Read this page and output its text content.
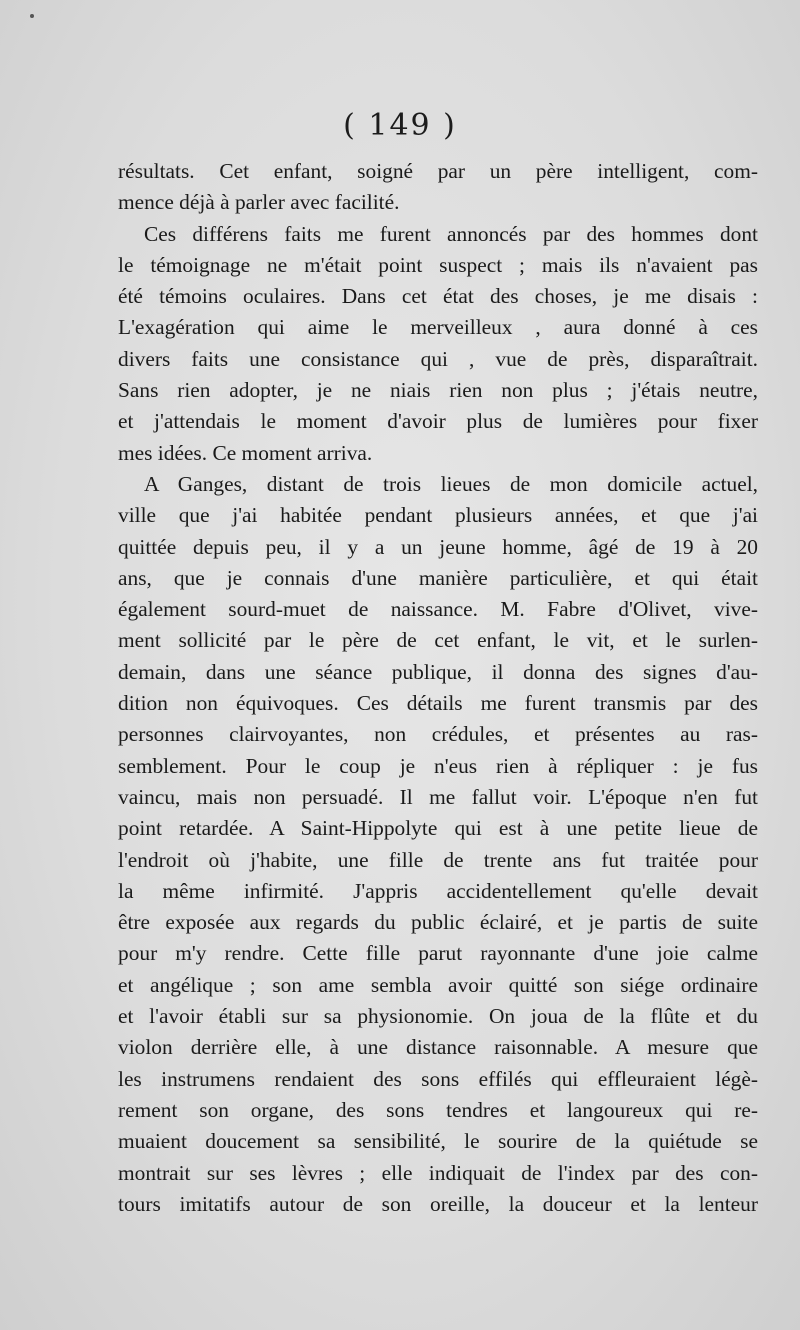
( 149 )
résultats. Cet enfant, soigné par un père intelligent, com-
mence déjà à parler avec facilité.
Ces différens faits me furent annoncés par des hommes dont
le témoignage ne m'était point suspect ; mais ils n'avaient pas
été témoins oculaires. Dans cet état des choses, je me disais :
L'exagération qui aime le merveilleux , aura donné à ces
divers faits une consistance qui , vue de près, disparaîtrait.
Sans rien adopter, je ne niais rien non plus ; j'étais neutre,
et j'attendais le moment d'avoir plus de lumières pour fixer
mes idées. Ce moment arriva.
A Ganges, distant de trois lieues de mon domicile actuel,
ville que j'ai habitée pendant plusieurs années, et que j'ai
quittée depuis peu, il y a un jeune homme, âgé de 19 à 20
ans, que je connais d'une manière particulière, et qui était
également sourd-muet de naissance. M. Fabre d'Olivet, vive-
ment sollicité par le père de cet enfant, le vit, et le surlen-
demain, dans une séance publique, il donna des signes d'au-
dition non équivoques. Ces détails me furent transmis par des
personnes clairvoyantes, non crédules, et présentes au ras-
semblement. Pour le coup je n'eus rien à répliquer : je fus
vaincu, mais non persuadé. Il me fallut voir. L'époque n'en fut
point retardée. A Saint-Hippolyte qui est à une petite lieue de
l'endroit où j'habite, une fille de trente ans fut traitée pour
la même infirmité. J'appris accidentellement qu'elle devait
être exposée aux regards du public éclairé, et je partis de suite
pour m'y rendre. Cette fille parut rayonnante d'une joie calme
et angélique ; son ame sembla avoir quitté son siége ordinaire
et l'avoir établi sur sa physionomie. On joua de la flûte et du
violon derrière elle, à une distance raisonnable. A mesure que
les instrumens rendaient des sons effilés qui effleuraient légè-
rement son organe, des sons tendres et langoureux qui re-
muaient doucement sa sensibilité, le sourire de la quiétude se
montrait sur ses lèvres ; elle indiquait de l'index par des con-
tours imitatifs autour de son oreille, la douceur et la lenteur
